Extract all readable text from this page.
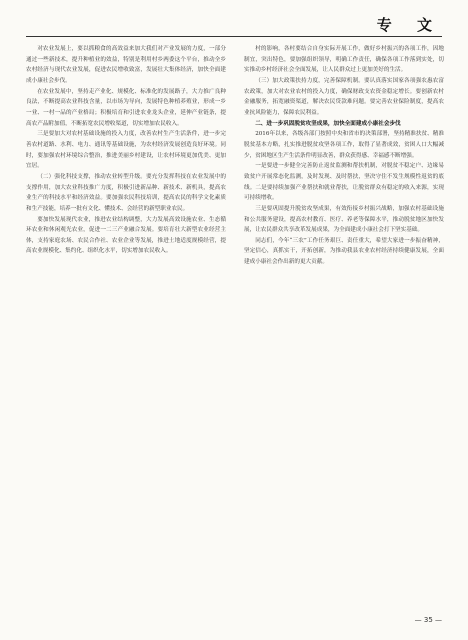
专 文

对农业发展上，要以抓粮食的高效益来加大我们对产业发展的力度，一部分通过一些新技术，提升种植业的效益，特别是利用村乡两委这个平台，推动全乡农村经济与现代农业发展，促进农民增收致富，发展壮大集体经济，加快全面建成小康社会步伐。

在农业发展中，坚持走产业化、规模化、标准化的发展路子，大力推广良种良法，不断提高农业科技含量，以市场为导向，发展特色种植养殖业，形成一乡一业、一村一品的产业格局；积极培育和引进农业龙头企业，延伸产业链条，提高农产品附加值，不断拓宽农民增收渠道，切实增加农民收入。

三是要加大对农村基础设施的投入力度，改善农村生产生活条件，进一步完善农村道路、水利、电力、通讯等基础设施，为农村经济发展创造良好环境。同时，要加强农村环境综合整治，推进美丽乡村建设，让农村环境更加优美、更加宜居。

（二）强化科技支撑，推动农业转型升级。要充分发挥科技在农业发展中的支撑作用，加大农业科技推广力度，积极引进新品种、新技术、新机具，提高农业生产的科技水平和经济效益。要加强农民科技培训，提高农民的科学文化素质和生产技能，培养一批有文化、懂技术、会经营的新型职业农民。

要加快发展现代农业，推进农业结构调整，大力发展高效设施农业、生态循环农业和休闲观光农业，促进一二三产业融合发展。要培育壮大新型农业经营主体，支持家庭农场、农民合作社、农业企业等发展，推进土地适度规模经营，提高农业规模化、集约化、组织化水平，切实增加农民收入。

村的影响，各村要结合自身实际开展工作，做好乡村振兴的各项工作，因地制宜，突出特色，要加强组织领导，明确工作责任，确保各项工作落到实处，切实推动乡村经济社会全面发展，让人民群众过上更加美好的生活。

（三）加大政策扶持力度，完善保障机制。要认真落实国家各项强农惠农富农政策，加大对农业农村的投入力度，确保财政支农资金稳定增长。要创新农村金融服务，拓宽融资渠道，解决农民贷款难问题。要完善农业保险制度，提高农业抗风险能力，保障农民利益。

二、进一步巩固脱贫攻坚成果，加快全面建成小康社会步伐

2016年以来，各级各部门按照中央和省市的决策部署，坚持精准扶贫、精准脱贫基本方略，扎实推进脱贫攻坚各项工作，取得了显著成效，贫困人口大幅减少，贫困地区生产生活条件明显改善，群众获得感、幸福感不断增强。

一是要进一步健全完善防止返贫监测和帮扶机制，对脱贫不稳定户、边缘易致贫户开展常态化监测，及时发现、及时帮扶，坚决守住不发生规模性返贫的底线。二是要持续加强产业帮扶和就业帮扶，让脱贫群众有稳定的收入来源，实现可持续增收。

三是要巩固提升脱贫攻坚成果，有效衔接乡村振兴战略，加强农村基础设施和公共服务建设，提高农村教育、医疗、养老等保障水平，推动脱贫地区加快发展，让农民群众共享改革发展成果，为全面建成小康社会打下坚实基础。

同志们，今年“三农”工作任务艰巨、责任重大，希望大家进一步振奋精神，坚定信心，真抓实干，开拓创新，为推动我县农业农村经济持续健康发展，全面建成小康社会作出新的更大贡献。

— 35 —
